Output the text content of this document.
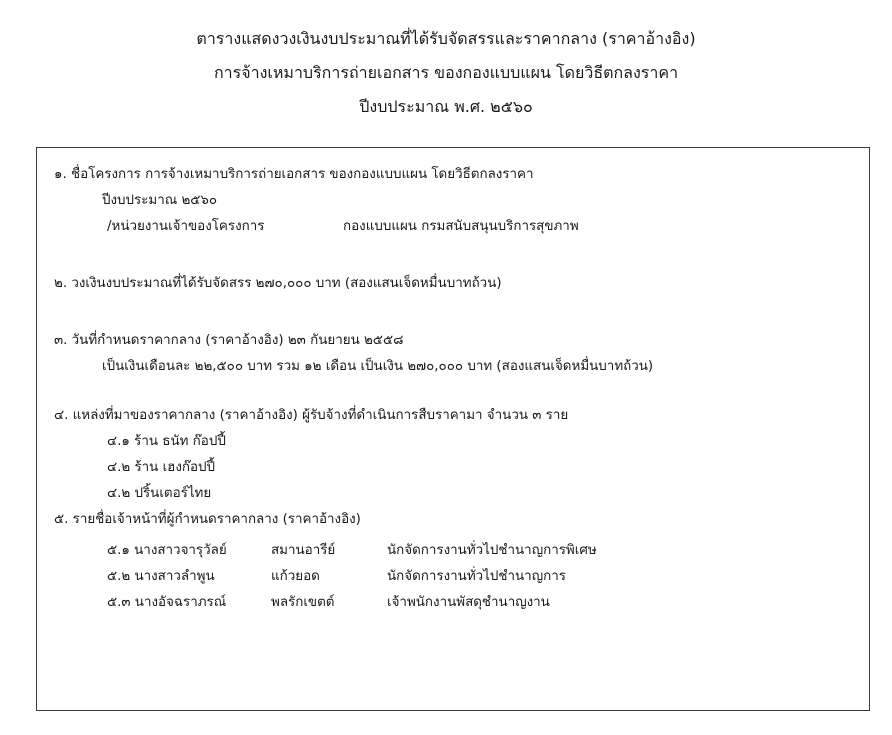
ตารางแสดงวงเงินงบประมาณที่ได้รับจัดสรรและราคากลาง (ราคาอ้างอิง)
การจ้างเหมาบริการถ่ายเอกสาร ของกองแบบแผน โดยวิธีตกลงราคา
ปีงบประมาณ พ.ศ. ๒๕๖๐
๑. ชื่อโครงการ การจ้างเหมาบริการถ่ายเอกสาร ของกองแบบแผน โดยวิธีตกลงราคา
ปีงบประมาณ ๒๕๖๐
/หน่วยงานเจ้าของโครงการ	กองแบบแผน กรมสนับสนุนบริการสุขภาพ
๒. วงเงินงบประมาณที่ได้รับจัดสรร ๒๗๐,๐๐๐ บาท (สองแสนเจ็ดหมื่นบาทถ้วน)
๓. วันที่กำหนดราคากลาง (ราคาอ้างอิง) ๒๓ กันยายน ๒๕๕๘
เป็นเงินเดือนละ ๒๒,๕๐๐ บาท รวม ๑๒ เดือน เป็นเงิน ๒๗๐,๐๐๐ บาท (สองแสนเจ็ดหมื่นบาทถ้วน)
๔. แหล่งที่มาของราคากลาง (ราคาอ้างอิง) ผู้รับจ้างที่ดำเนินการสืบราคามา จำนวน ๓ ราย
๔.๑ ร้าน ธนัท ก๊อปปี้
๔.๒ ร้าน เฮงก๊อปปี้
๔.๒ ปริ้นเตอร์ไทย
๕. รายชื่อเจ้าหน้าที่ผู้กำหนดราคากลาง (ราคาอ้างอิง)
๕.๑ นางสาวจารุวัลย์	สมานอารีย์	นักจัดการงานทั่วไปชำนาญการพิเศษ
๕.๒ นางสาวลำพูน	แก้วยอด	นักจัดการงานทั่วไปชำนาญการ
๕.๓ นางอัจฉราภรณ์	พลรักเขตต์	เจ้าพนักงานพัสดุชำนาญงาน
